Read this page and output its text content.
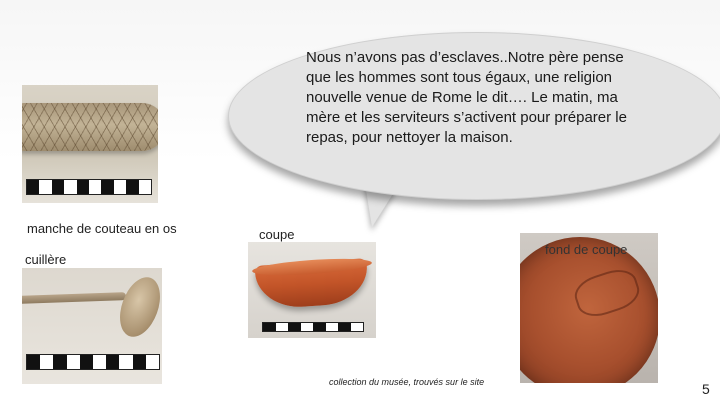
Nous n’avons pas d’esclaves..Notre père pense que les hommes sont tous égaux, une religion nouvelle venue de Rome le dit…. Le matin, ma mère et les serviteurs s’activent pour préparer le repas, pour nettoyer la maison.
manche de couteau en os
cuillère
coupe
fond de coupe
collection du musée, trouvés sur le site	5
